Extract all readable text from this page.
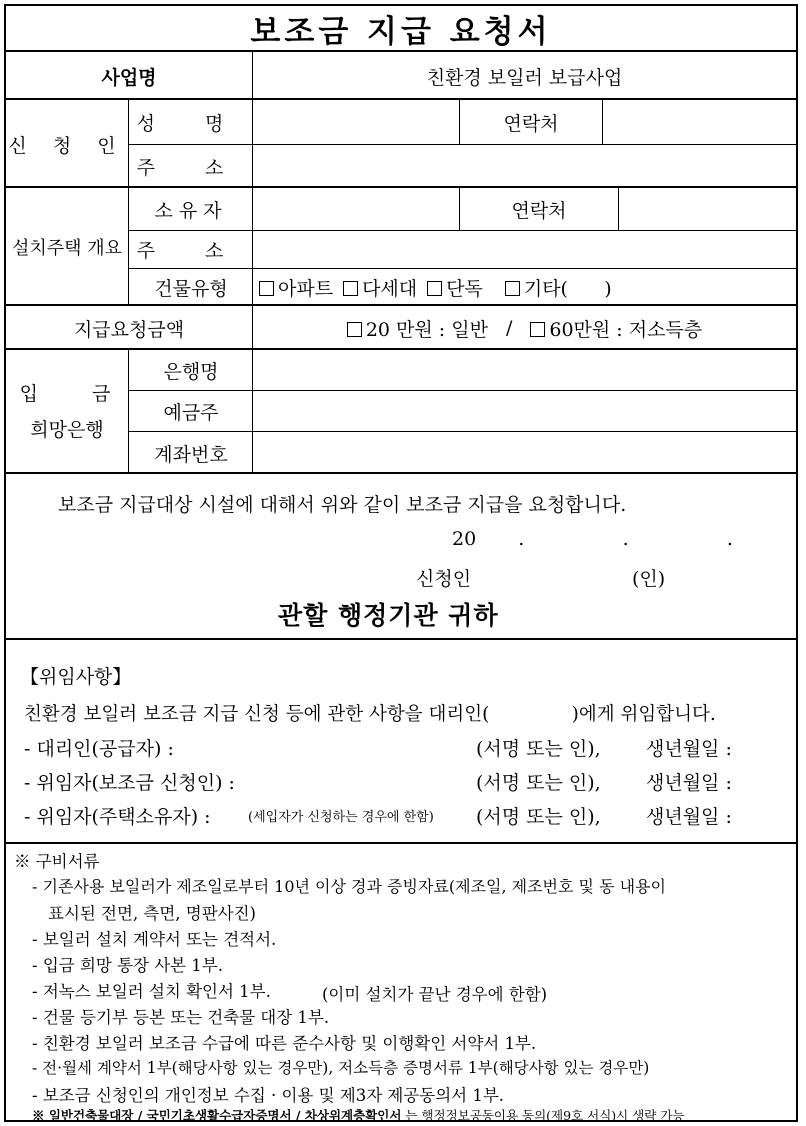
보조금 지급 요청서
사업명	친환경 보일러 보급사업
신 청 인
성 명	연락처
주 소
설치주택 개요
소유자	연락처
주 소
건물유형	아파트	다세대	단독	기타(      )
지급요청금액	20 만원 : 일반 /	60만원 : 저소득층
입 금
희망은행
은행명
예금주
계좌번호
보조금 지급대상 시설에 대해서 위와 같이 보조금 지급을 요청합니다.
20   .       .       .
신청인	(인)
관할 행정기관 귀하
【위임사항】
친환경 보일러 보조금 지급 신청 등에 관한 사항을 대리인(              )에게 위임합니다.
- 대리인(공급자) :	(서명 또는 인), 생년월일 :
- 위임자(보조금 신청인) :	(서명 또는 인), 생년월일 :
- 위임자(주택소유자) :	(세입자가 신청하는 경우에 한함) (서명 또는 인), 생년월일 :
※ 구비서류
- 기존사용 보일러가 제조일로부터 10년 이상 경과 증빙자료(제조일, 제조번호 및 동 내용이
표시된 전면, 측면, 명판사진)
- 보일러 설치 계약서 또는 견적서.
- 입금 희망 통장 사본 1부.
- 저녹스 보일러 설치 확인서 1부.	(이미 설치가 끝난 경우에 한함)
- 건물 등기부 등본 또는 건축물 대장 1부.
- 친환경 보일러 보조금 수급에 따른 준수사항 및 이행확인 서약서 1부.
- 전·월세 계약서 1부(해당사항 있는 경우만), 저소득층 증명서류 1부(해당사항 있는 경우만)
- 보조금 신청인의 개인정보 수집 · 이용 및 제3자 제공동의서 1부.
※ 일반건축물대장 / 국민기초생활수급자증명서 / 차상위계층확인서 는 행정정보공동이용 동의(제9호 서식)시 생략 가능
